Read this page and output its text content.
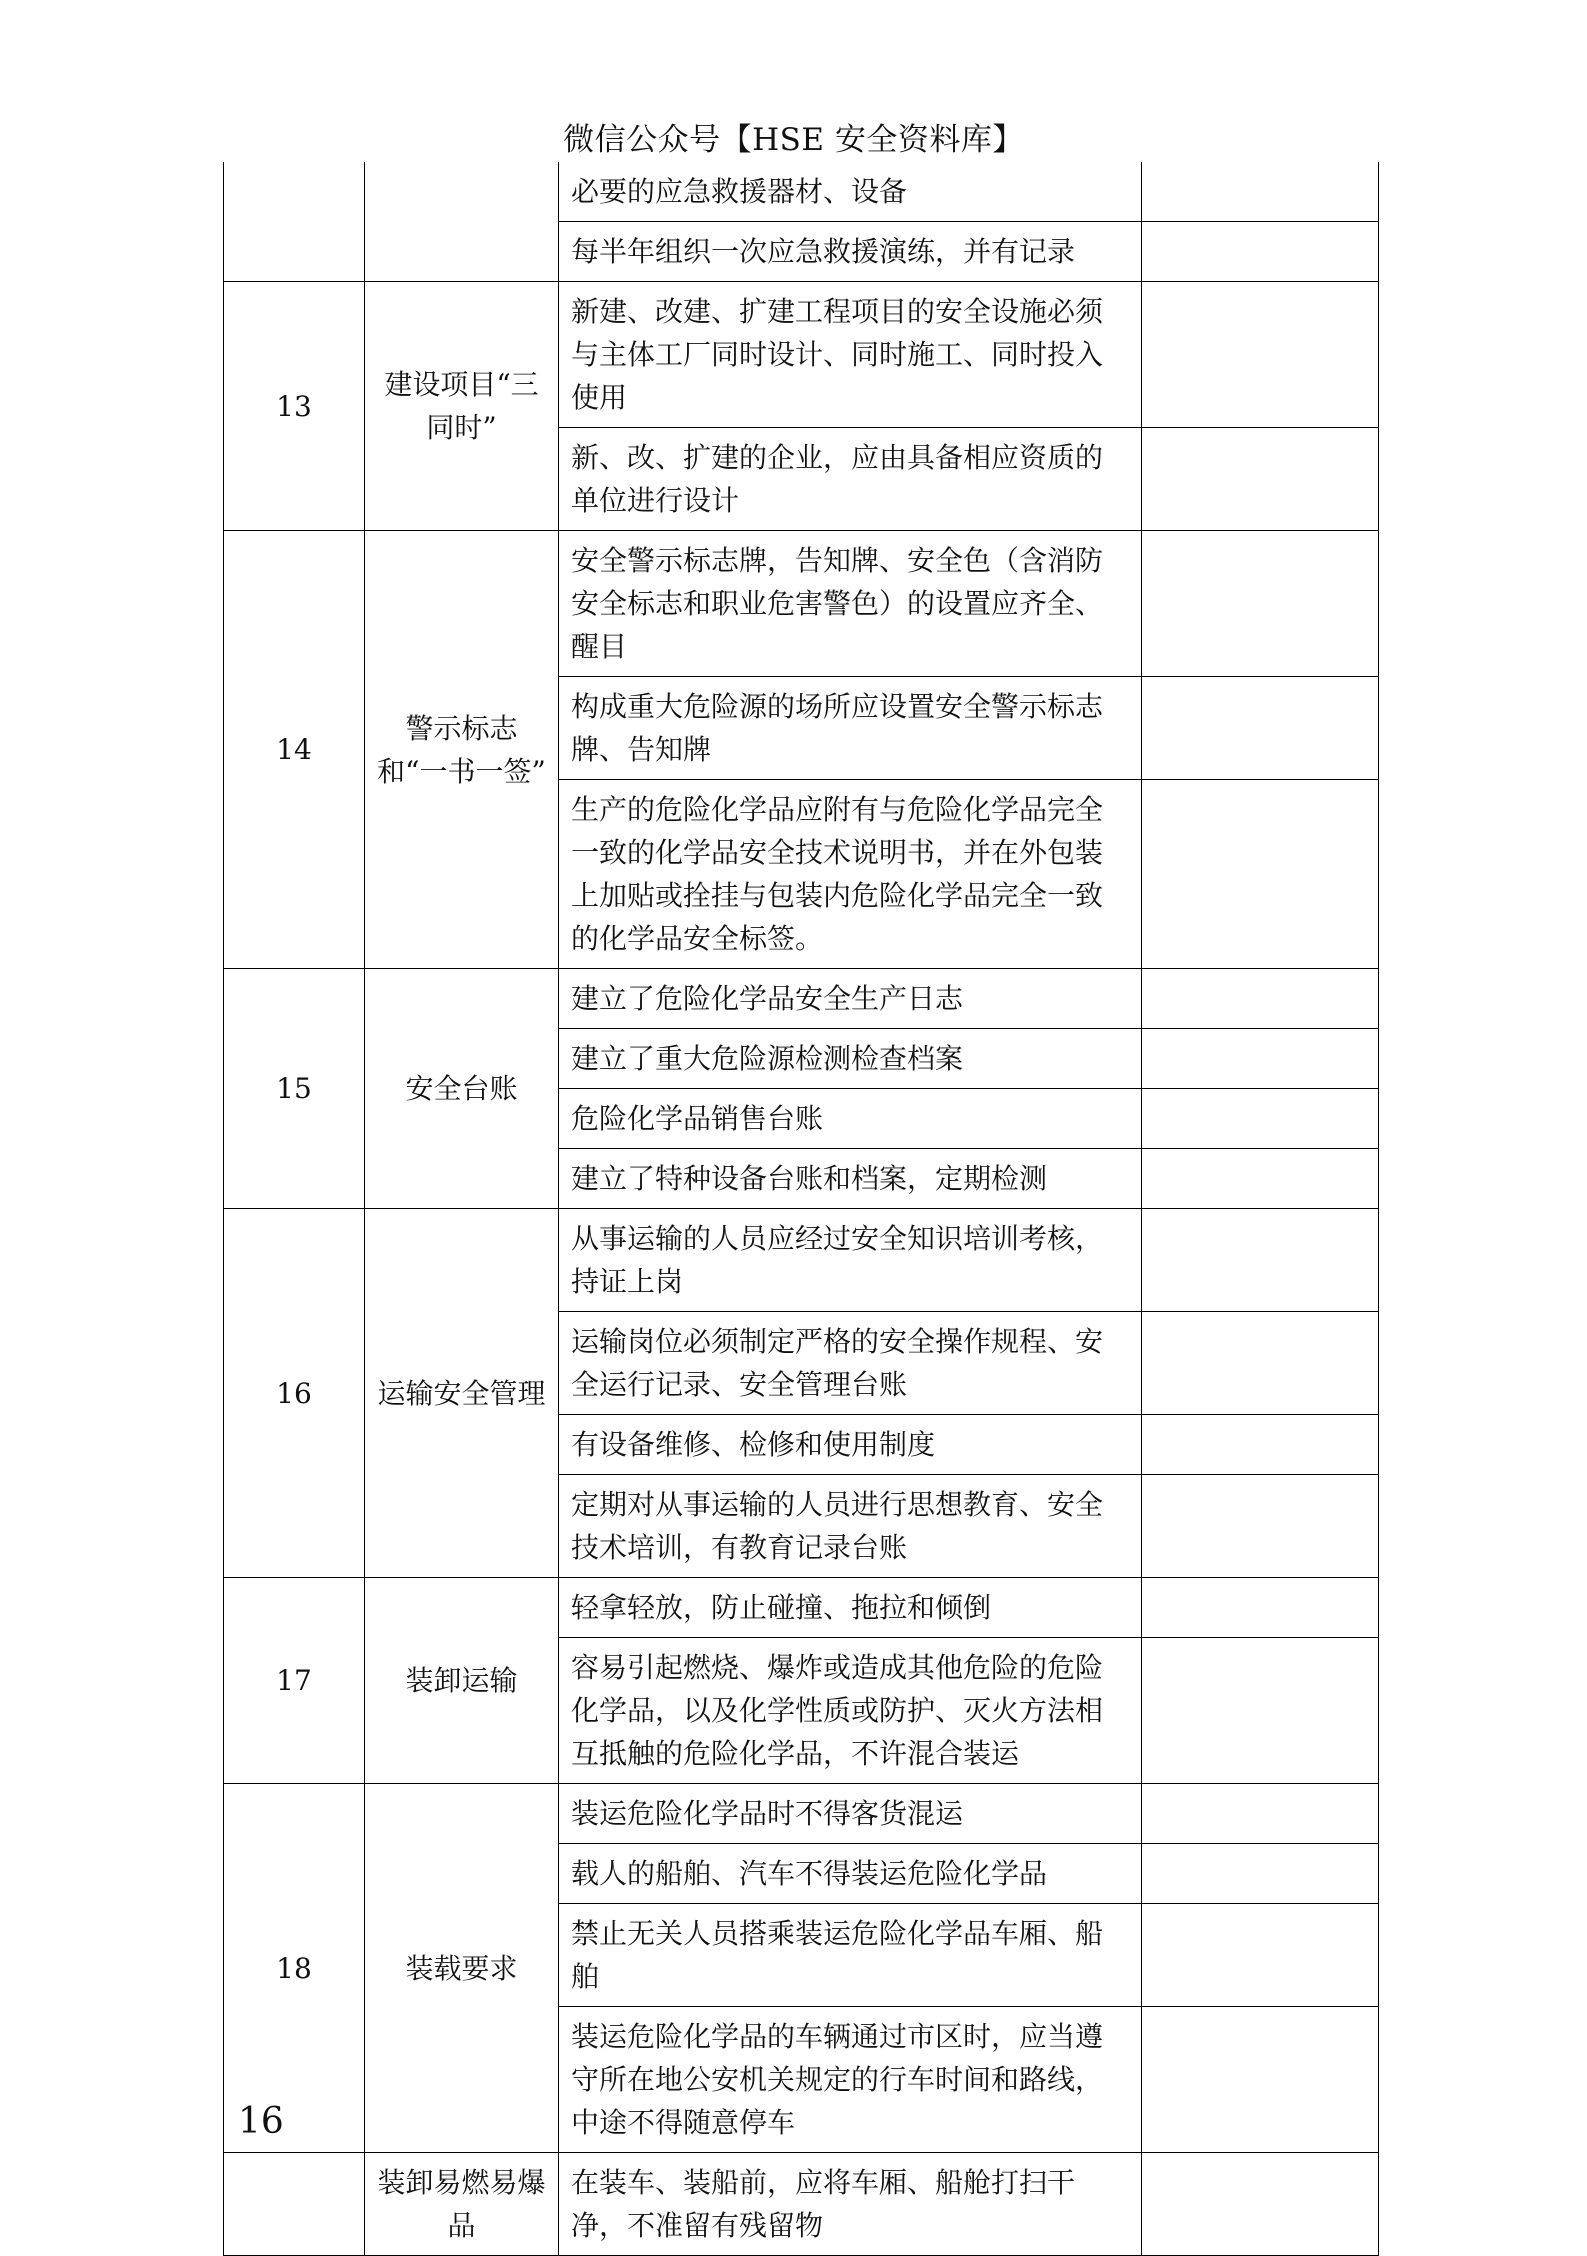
微信公众号【HSE 安全资料库】
		必要的应急救援器材、设备	
		每半年组织一次应急救援演练，并有记录	
13	建设项目“三同时”	新建、改建、扩建工程项目的安全设施必须与主体工厂同时设计、同时施工、同时投入使用	
		新、改、扩建的企业，应由具备相应资质的单位进行设计	
14	警示标志和“一书一签”	安全警示标志牌，告知牌、安全色（含消防安全标志和职业危害警色）的设置应齐全、醒目	
		构成重大危险源的场所应设置安全警示标志牌、告知牌	
		生产的危险化学品应附有与危险化学品完全一致的化学品安全技术说明书，并在外包装上加贴或拴挂与包装内危险化学品完全一致的化学品安全标签。	
15	安全台账	建立了危险化学品安全生产日志	
		建立了重大危险源检测检查档案	
		危险化学品销售台账	
		建立了特种设备台账和档案，定期检测	
16	运输安全管理	从事运输的人员应经过安全知识培训考核，持证上岗	
		运输岗位必须制定严格的安全操作规程、安全运行记录、安全管理台账	
		有设备维修、检修和使用制度	
		定期对从事运输的人员进行思想教育、安全技术培训，有教育记录台账	
17	装卸运输	轻拿轻放，防止碰撞、拖拉和倾倒	
		容易引起燃烧、爆炸或造成其他危险的危险化学品，以及化学性质或防护、灭火方法相互抵触的危险化学品，不许混合装运	
18	装载要求	装运危险化学品时不得客货混运	
		载人的船舶、汽车不得装运危险化学品	
		禁止无关人员搭乘装运危险化学品车厢、船舶	
		装运危险化学品的车辆通过市区时，应当遵守所在地公安机关规定的行车时间和路线，中途不得随意停车	
	装卸易燃易爆品	在装车、装船前，应将车厢、船舱打扫干净，不准留有残留物	
16
